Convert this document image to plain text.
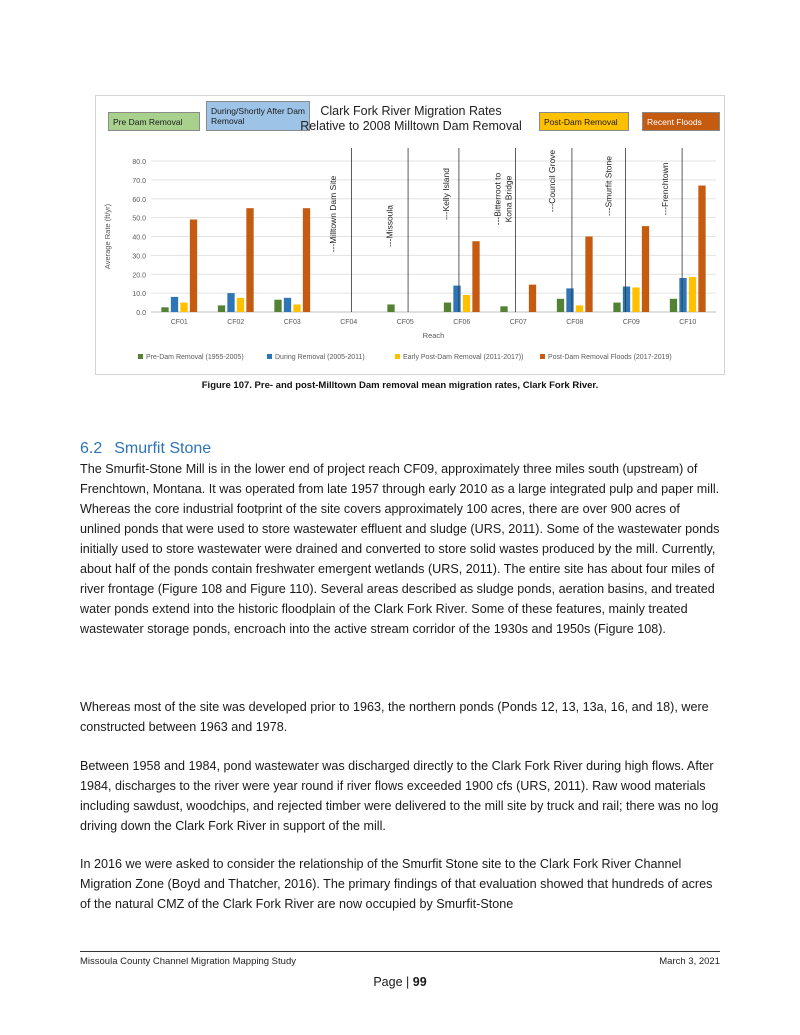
0.0
10.0
20.0
30.0
40.0
50.0
60.0
70.0
80.0
Average Rate (ft/yr)
CF01	CF02	CF03	CF04	CF05	CF06	CF07	CF08	CF09	CF10
Reach
---Milltown Dam Site	---Missoula
---Kelly Island	---Bitterroot to Kona Bridge	---Council Grove	---Smurfit Stone	---Frenchtown
Pre-Dam Removal (1955-2005)	During Removal (2005-2011)	Early Post-Dam Removal (2011-2017))	Post-Dam Removal Floods (2017-2019)
Pre Dam Removal
During/Shortly After Dam Removal	Post-Dam Removal	Recent Floods
Clark Fork River Migration Rates
Relative to 2008 Milltown Dam Removal
Figure 107. Pre- and post-Milltown Dam removal mean migration rates, Clark Fork River.
6.2 Smurfit Stone

The Smurfit-Stone Mill is in the lower end of project reach CF09, approximately three miles south (upstream) of Frenchtown, Montana. It was operated from late 1957 through early 2010 as a large integrated pulp and paper mill. Whereas the core industrial footprint of the site covers approximately 100 acres, there are over 900 acres of unlined ponds that were used to store wastewater effluent and sludge (URS, 2011). Some of the wastewater ponds initially used to store wastewater were drained and converted to store solid wastes produced by the mill. Currently, about half of the ponds contain freshwater emergent wetlands (URS, 2011). The entire site has about four miles of river frontage (Figure 108 and Figure 110). Several areas described as sludge ponds, aeration basins, and treated water ponds extend into the historic floodplain of the Clark Fork River. Some of these features, mainly treated wastewater storage ponds, encroach into the active stream corridor of the 1930s and 1950s (Figure 108).

Whereas most of the site was developed prior to 1963, the northern ponds (Ponds 12, 13, 13a, 16, and 18), were constructed between 1963 and 1978.

Between 1958 and 1984, pond wastewater was discharged directly to the Clark Fork River during high flows. After 1984, discharges to the river were year round if river flows exceeded 1900 cfs (URS, 2011). Raw wood materials including sawdust, woodchips, and rejected timber were delivered to the mill site by truck and rail; there was no log driving down the Clark Fork River in support of the mill.

In 2016 we were asked to consider the relationship of the Smurfit Stone site to the Clark Fork River Channel Migration Zone (Boyd and Thatcher, 2016). The primary findings of that evaluation showed that hundreds of acres of the natural CMZ of the Clark Fork River are now occupied by Smurfit-Stone

Missoula County Channel Migration Mapping Study	March 3, 2021
Page | 99
